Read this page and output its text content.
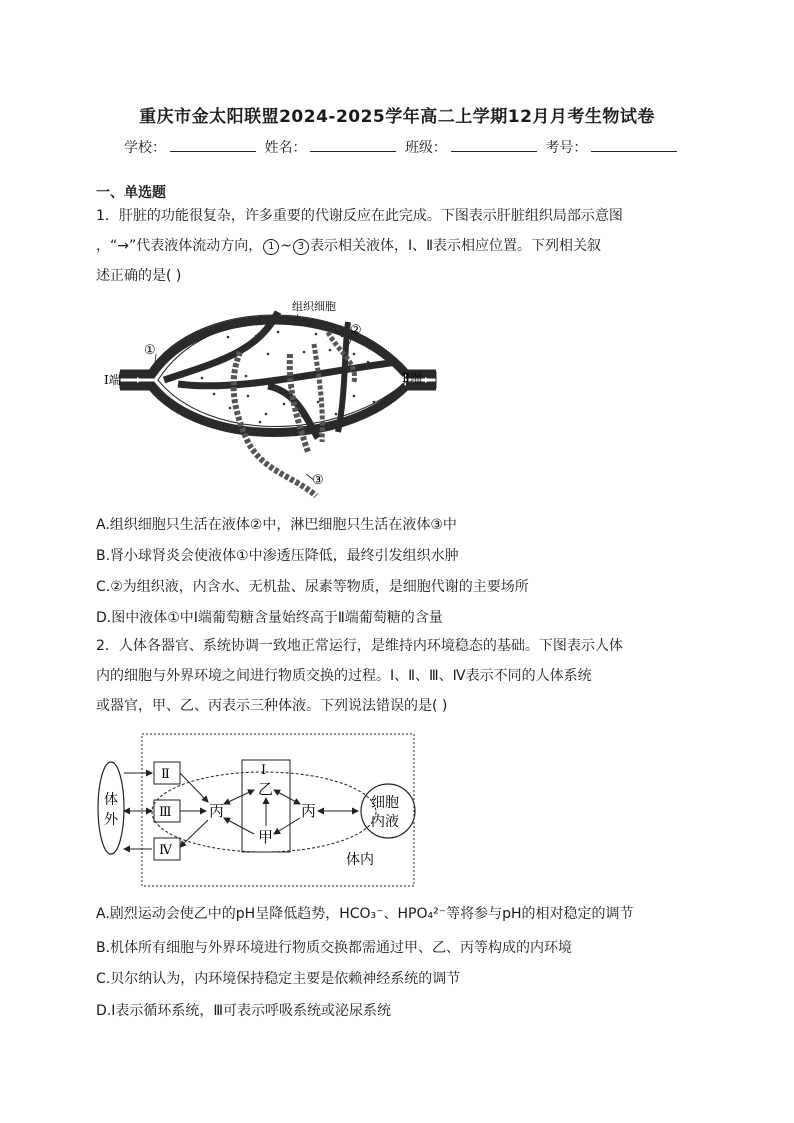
重庆市金太阳联盟2024-2025学年高二上学期12月月考生物试卷
学校：	姓名：	班级：	考号：
一、单选题
1．肝脏的功能很复杂，许多重要的代谢反应在此完成。下图表示肝脏组织局部示意图
，“→”代表液体流动方向， 1 ~ 3 表示相关液体，Ⅰ、Ⅱ表示相应位置。下列相关叙
述正确的是( )
组织细胞
①
②
③
Ⅰ端	Ⅱ端
A.组织细胞只生活在液体②中，淋巴细胞只生活在液体③中
B.肾小球肾炎会使液体①中渗透压降低，最终引发组织水肿
C.②为组织液，内含水、无机盐、尿素等物质，是细胞代谢的主要场所
D.图中液体①中Ⅰ端葡萄糖含量始终高于Ⅱ端葡萄糖的含量
2．人体各器官、系统协调一致地正常运行，是维持内环境稳态的基础。下图表示人体
内的细胞与外界环境之间进行物质交换的过程。Ⅰ、Ⅱ、Ⅲ、Ⅳ表示不同的人体系统
或器官，甲、乙、丙表示三种体液。下列说法错误的是( )
体
外
Ⅱ
Ⅲ
Ⅳ
Ⅰ
丙
乙
甲
丙	细胞
内液
体内
A.剧烈运动会使乙中的pH呈降低趋势，HCO₃⁻、HPO₄²⁻等将参与pH的相对稳定的调节
B.机体所有细胞与外界环境进行物质交换都需通过甲、乙、丙等构成的内环境
C.贝尔纳认为，内环境保持稳定主要是依赖神经系统的调节
D.Ⅰ表示循环系统，Ⅲ可表示呼吸系统或泌尿系统
